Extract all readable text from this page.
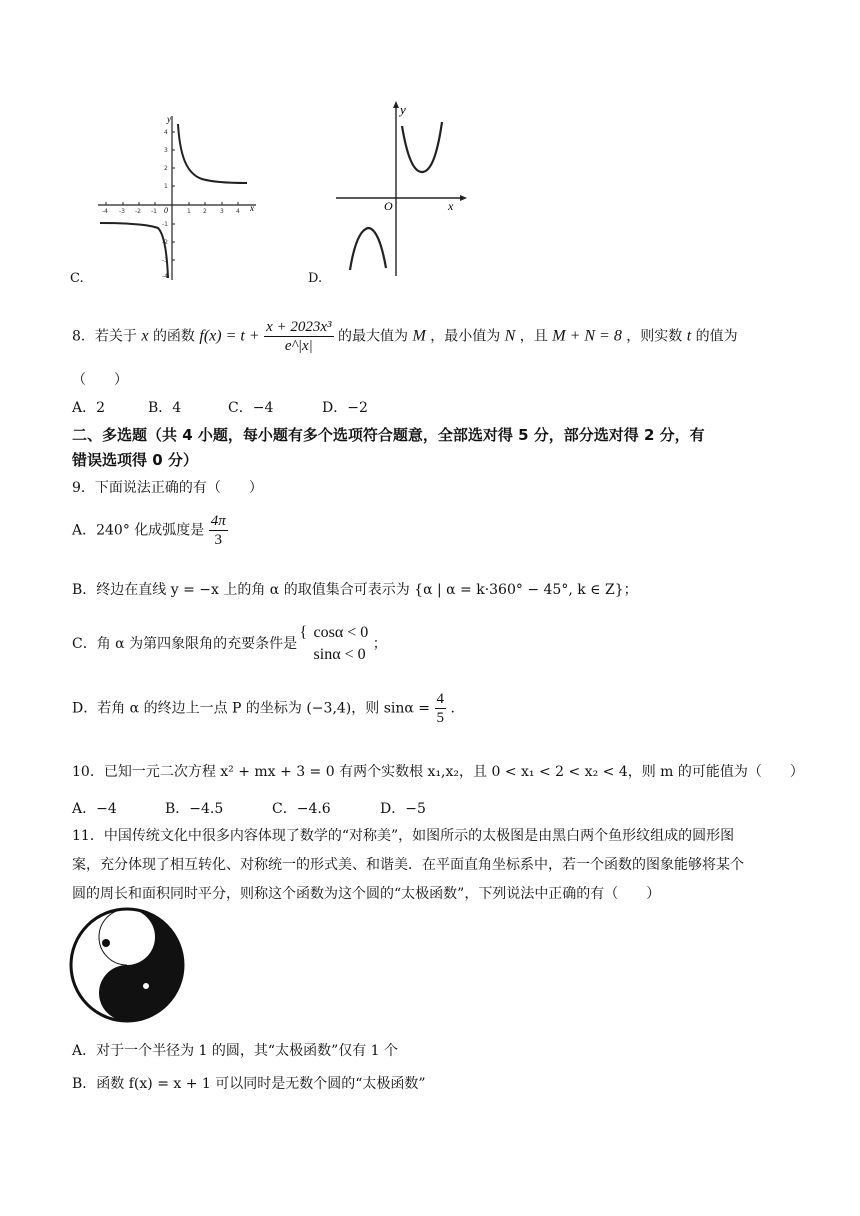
-4 -3 -2 -1	1 2 3 4
4
3
2
1
-1
-2
-3
-4
x
y
0
C.
y
x
O
D.
8．若关于 x 的函数 $f(x) = t + \frac{\text{x + 2023x³}}{e\^{}|x|}$ 的最大值为 M ，最小值为 N ，且 M + N = 8 ，则实数 t 的值为
（　　）
A．2	B．4	C．−4	D．−2
二、多选题（共 4 小题，每小题有多个选项符合题意，全部选对得 5 分，部分选对得 2 分，有
错误选项得 0 分）
9．下面说法正确的有（　　）
A．240° 化成弧度是 $\frac{4\pi}{3}$
B．终边在直线 y = −x 上的角 α 的取值集合可表示为 {α | α = k·360° − 45°, k ∈ Z}；
C．角 α 为第四象限角的充要条件是
{ cosα < 0
sinα < 0
；
D．若角 α 的终边上一点 P 的坐标为 (−3,4)，则 $\sin\alpha = \frac{4}{5}$ .
10．已知一元二次方程 x² + mx + 3 = 0 有两个实数根 x₁,x₂，且 0 < x₁ < 2 < x₂ < 4，则 m 的可能值为（　　）
A．−4	B．−4.5	C．−4.6	D．−5
11．中国传统文化中很多内容体现了数学的“对称美”，如图所示的太极图是由黑白两个鱼形纹组成的圆形图
案，充分体现了相互转化、对称统一的形式美、和谐美．在平面直角坐标系中，若一个函数的图象能够将某个
圆的周长和面积同时平分，则称这个函数为这个圆的“太极函数”，下列说法中正确的有（　　）
A．对于一个半径为 1 的圆，其“太极函数”仅有 1 个
B．函数 f(x) = x + 1 可以同时是无数个圆的“太极函数”
